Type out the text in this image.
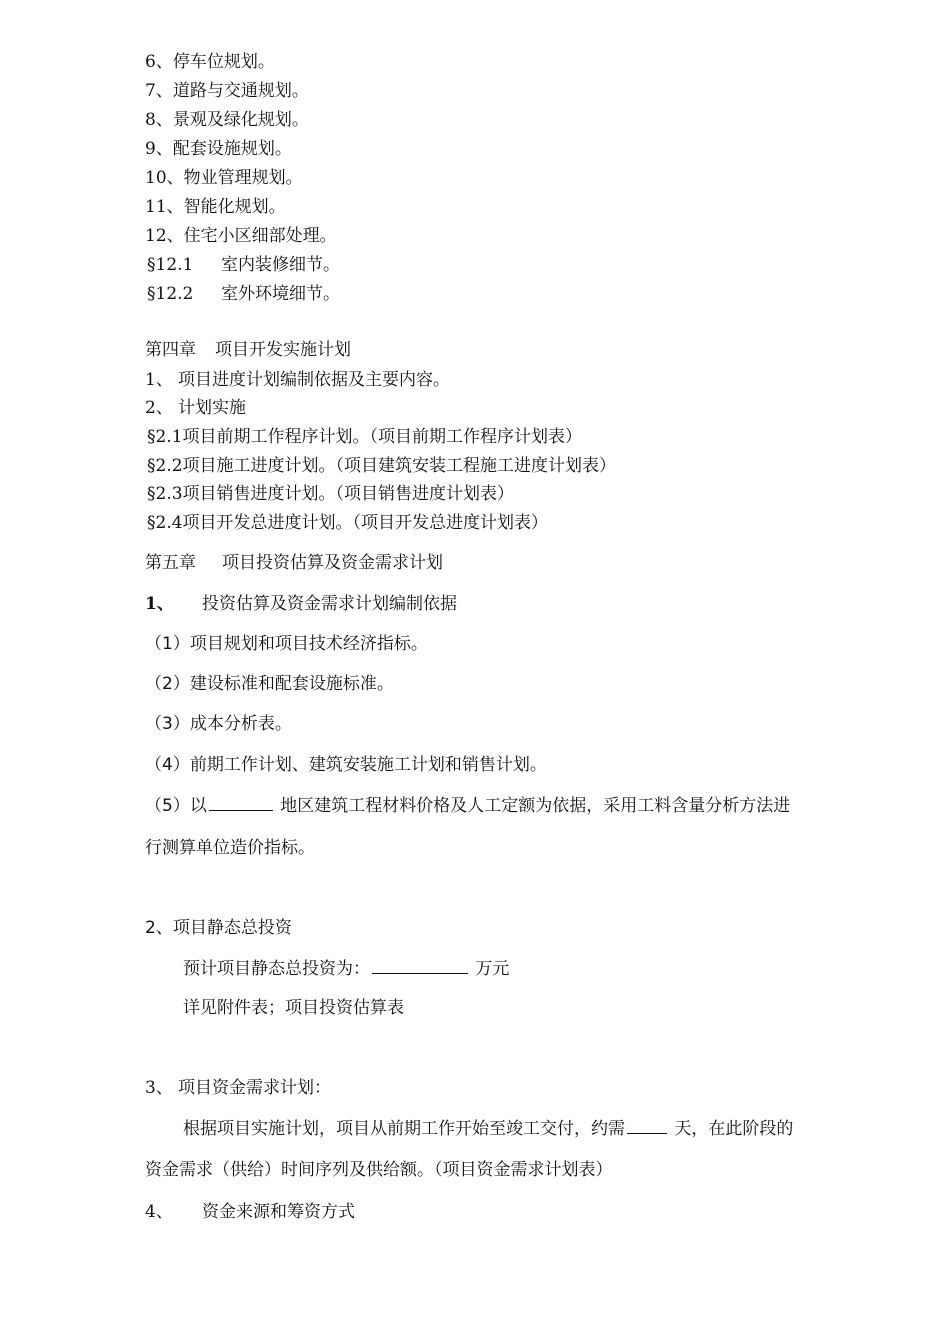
6、停车位规划。
7、道路与交通规划。
8、景观及绿化规划。
9、配套设施规划。
10、物业管理规划。
11、智能化规划。
12、住宅小区细部处理。
§12.1 室内装修细节。
§12.2 室外环境细节。
第四章 项目开发实施计划
1、 项目进度计划编制依据及主要内容。
2、 计划实施
§2.1项目前期工作程序计划。（项目前期工作程序计划表）
§2.2项目施工进度计划。（项目建筑安装工程施工进度计划表）
§2.3项目销售进度计划。（项目销售进度计划表）
§2.4项目开发总进度计划。（项目开发总进度计划表）
第五章 项目投资估算及资金需求计划
1、 投资估算及资金需求计划编制依据
（1）项目规划和项目技术经济指标。
（2）建设标准和配套设施标准。
（3）成本分析表。
（4）前期工作计划、建筑安装施工计划和销售计划。
（5）以	地区建筑工程材料价格及人工定额为依据，采用工料含量分析方法进
行测算单位造价指标。
2、项目静态总投资
预计项目静态总投资为：	万元
详见附件表；项目投资估算表
3、 项目资金需求计划：
根据项目实施计划，项目从前期工作开始至竣工交付，约需	天，在此阶段的
资金需求（供给）时间序列及供给额。（项目资金需求计划表）
4、 资金来源和筹资方式
